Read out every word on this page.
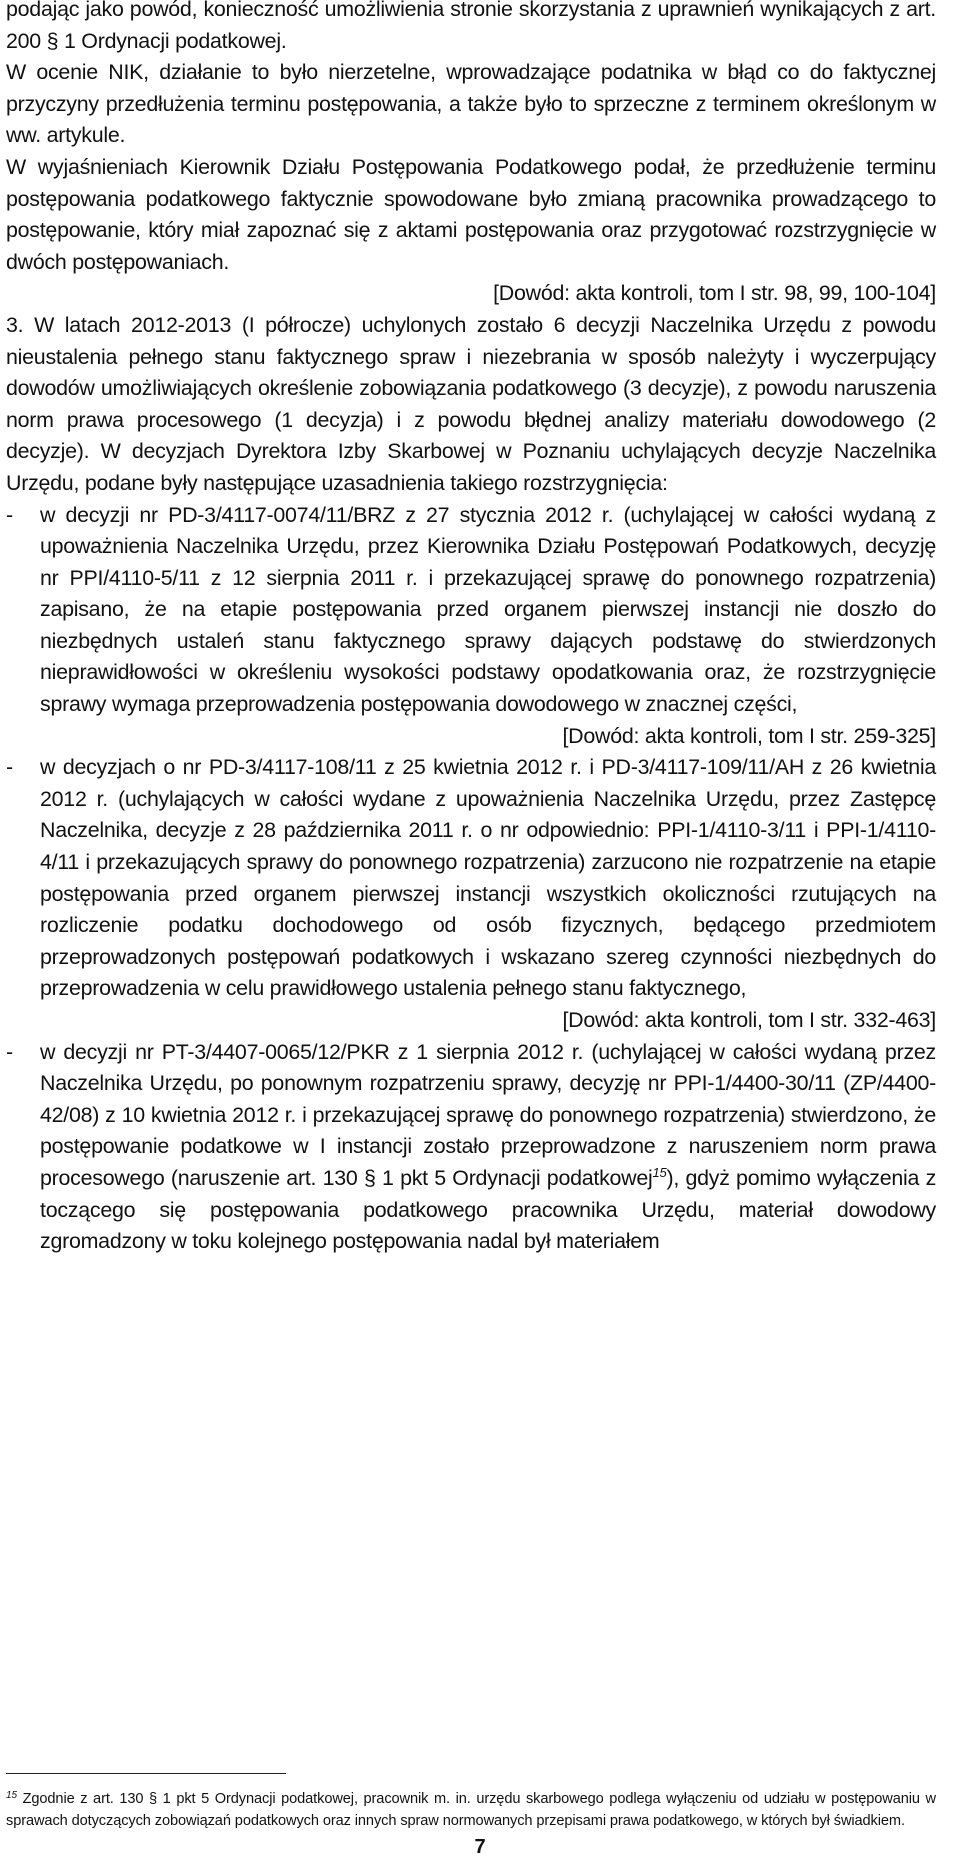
podając jako powód, konieczność umożliwienia stronie skorzystania z uprawnień wynikających z art. 200 § 1 Ordynacji podatkowej.

W ocenie NIK, działanie to było nierzetelne, wprowadzające podatnika w błąd co do faktycznej przyczyny przedłużenia terminu postępowania, a także było to sprzeczne z terminem określonym w ww. artykule.

W wyjaśnieniach Kierownik Działu Postępowania Podatkowego podał, że przedłużenie terminu postępowania podatkowego faktycznie spowodowane było zmianą pracownika prowadzącego to postępowanie, który miał zapoznać się z aktami postępowania oraz przygotować rozstrzygnięcie w dwóch postępowaniach.

[Dowód: akta kontroli, tom I str. 98, 99, 100-104]

3. W latach 2012-2013 (I półrocze) uchylonych zostało 6 decyzji Naczelnika Urzędu z powodu nieustalenia pełnego stanu faktycznego spraw i niezebrania w sposób należyty i wyczerpujący dowodów umożliwiających określenie zobowiązania podatkowego (3 decyzje), z powodu naruszenia norm prawa procesowego (1 decyzja) i z powodu błędnej analizy materiału dowodowego (2 decyzje). W decyzjach Dyrektora Izby Skarbowej w Poznaniu uchylających decyzje Naczelnika Urzędu, podane były następujące uzasadnienia takiego rozstrzygnięcia:

- w decyzji nr PD-3/4117-0074/11/BRZ z 27 stycznia 2012 r. (uchylającej w całości wydaną z upoważnienia Naczelnika Urzędu, przez Kierownika Działu Postępowań Podatkowych, decyzję nr PPI/4110-5/11 z 12 sierpnia 2011 r. i przekazującej sprawę do ponownego rozpatrzenia) zapisano, że na etapie postępowania przed organem pierwszej instancji nie doszło do niezbędnych ustaleń stanu faktycznego sprawy dających podstawę do stwierdzonych nieprawidłowości w określeniu wysokości podstawy opodatkowania oraz, że rozstrzygnięcie sprawy wymaga przeprowadzenia postępowania dowodowego w znacznej części,

[Dowód: akta kontroli, tom I str. 259-325]

- w decyzjach o nr PD-3/4117-108/11 z 25 kwietnia 2012 r. i PD-3/4117-109/11/AH z 26 kwietnia 2012 r. (uchylających w całości wydane z upoważnienia Naczelnika Urzędu, przez Zastępcę Naczelnika, decyzje z 28 października 2011 r. o nr odpowiednio: PPI-1/4110-3/11 i PPI-1/4110-4/11 i przekazujących sprawy do ponownego rozpatrzenia) zarzucono nie rozpatrzenie na etapie postępowania przed organem pierwszej instancji wszystkich okoliczności rzutujących na rozliczenie podatku dochodowego od osób fizycznych, będącego przedmiotem przeprowadzonych postępowań podatkowych i wskazano szereg czynności niezbędnych do przeprowadzenia w celu prawidłowego ustalenia pełnego stanu faktycznego,

[Dowód: akta kontroli, tom I str. 332-463]

- w decyzji nr PT-3/4407-0065/12/PKR z 1 sierpnia 2012 r. (uchylającej w całości wydaną przez Naczelnika Urzędu, po ponownym rozpatrzeniu sprawy, decyzję nr PPI-1/4400-30/11 (ZP/4400-42/08) z 10 kwietnia 2012 r. i przekazującej sprawę do ponownego rozpatrzenia) stwierdzono, że postępowanie podatkowe w I instancji zostało przeprowadzone z naruszeniem norm prawa procesowego (naruszenie art. 130 § 1 pkt 5 Ordynacji podatkowej$^{15}$), gdyż pomimo wyłączenia z toczącego się postępowania podatkowego pracownika Urzędu, materiał dowodowy zgromadzony w toku kolejnego postępowania nadal był materiałem

$^{15}$ Zgodnie z art. 130 § 1 pkt 5 Ordynacji podatkowej, pracownik m. in. urzędu skarbowego podlega wyłączeniu od udziału w postępowaniu w sprawach dotyczących zobowiązań podatkowych oraz innych spraw normowanych przepisami prawa podatkowego, w których był świadkiem.

7
